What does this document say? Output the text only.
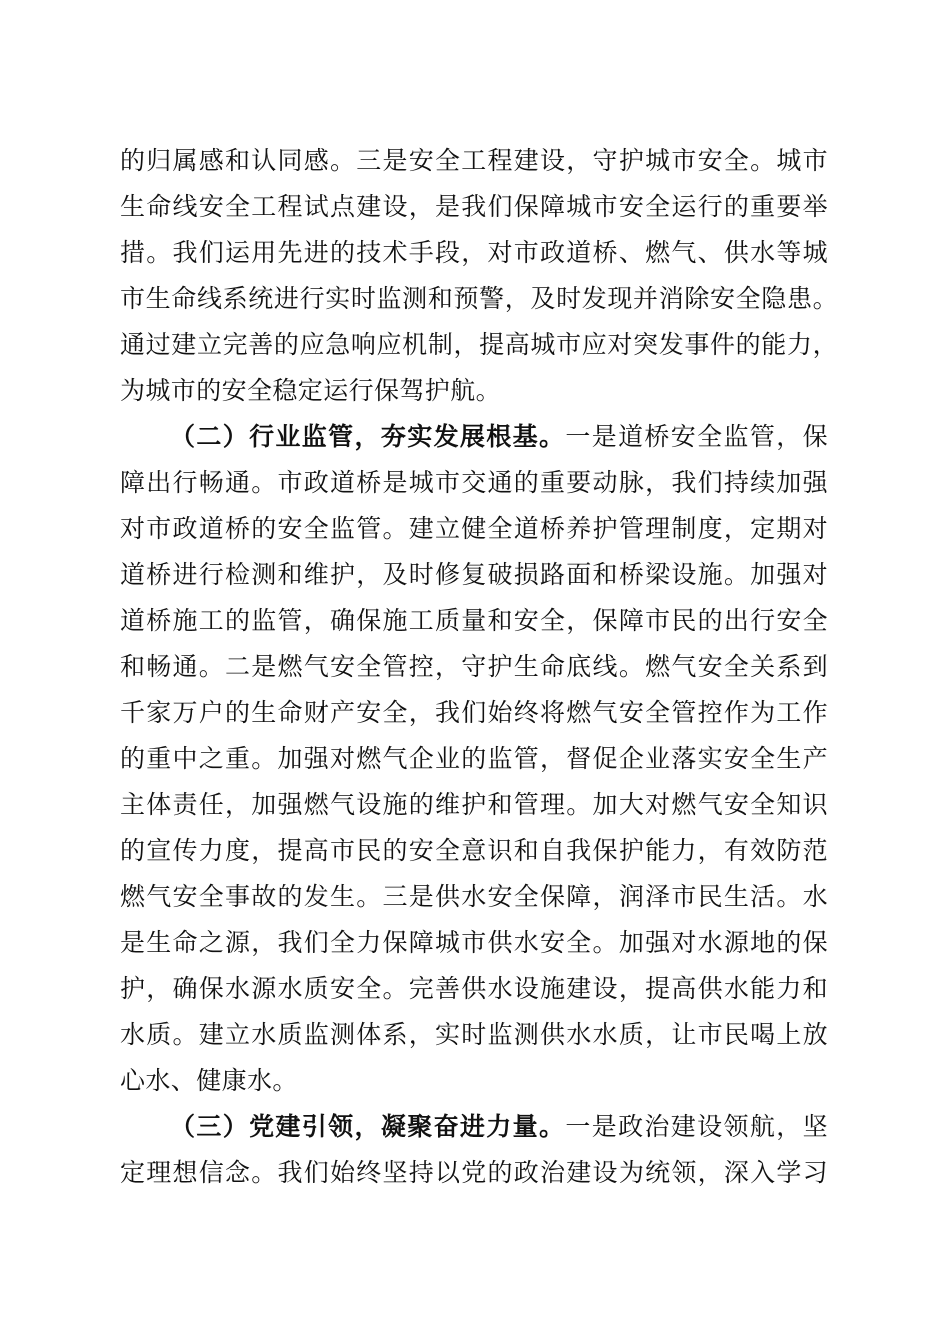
的归属感和认同感。三是安全工程建设，守护城市安全。城市
生命线安全工程试点建设，是我们保障城市安全运行的重要举
措。我们运用先进的技术手段，对市政道桥、燃气、供水等城
市生命线系统进行实时监测和预警，及时发现并消除安全隐患。
通过建立完善的应急响应机制，提高城市应对突发事件的能力，
为城市的安全稳定运行保驾护航。
（二）行业监管，夯实发展根基。一是道桥安全监管，保
障出行畅通。市政道桥是城市交通的重要动脉，我们持续加强
对市政道桥的安全监管。建立健全道桥养护管理制度，定期对
道桥进行检测和维护，及时修复破损路面和桥梁设施。加强对
道桥施工的监管，确保施工质量和安全，保障市民的出行安全
和畅通。二是燃气安全管控，守护生命底线。燃气安全关系到
千家万户的生命财产安全，我们始终将燃气安全管控作为工作
的重中之重。加强对燃气企业的监管，督促企业落实安全生产
主体责任，加强燃气设施的维护和管理。加大对燃气安全知识
的宣传力度，提高市民的安全意识和自我保护能力，有效防范
燃气安全事故的发生。三是供水安全保障，润泽市民生活。水
是生命之源，我们全力保障城市供水安全。加强对水源地的保
护，确保水源水质安全。完善供水设施建设，提高供水能力和
水质。建立水质监测体系，实时监测供水水质，让市民喝上放
心水、健康水。
（三）党建引领，凝聚奋进力量。一是政治建设领航，坚
定理想信念。我们始终坚持以党的政治建设为统领，深入学习
